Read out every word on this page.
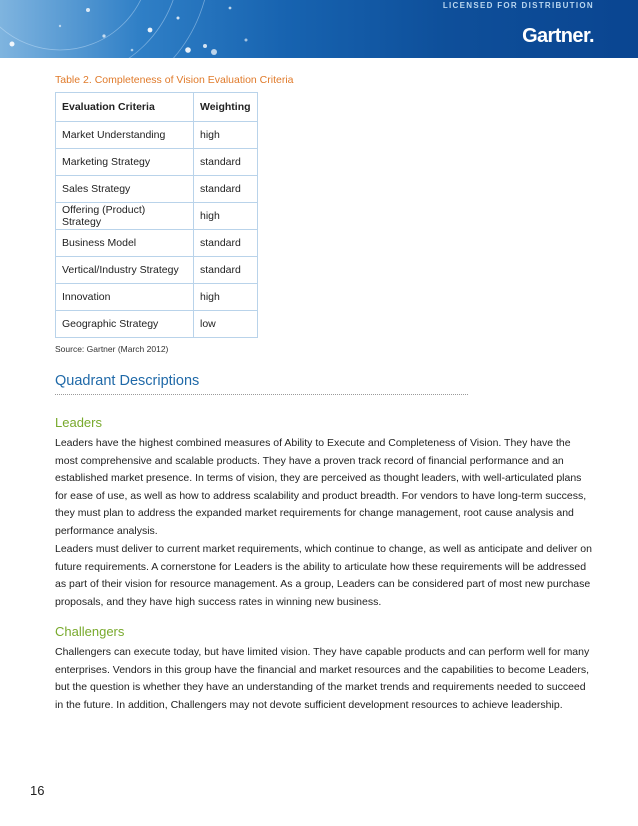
LICENSED FOR DISTRIBUTION
Gartner.
Table 2. Completeness of Vision Evaluation Criteria
Evaluation Criteria	Weighting
Market Understanding	high
Marketing Strategy	standard
Sales Strategy	standard
Offering (Product) Strategy	high
Business Model	standard
Vertical/Industry Strategy	standard
Innovation	high
Geographic Strategy	low
Source: Gartner (March 2012)
Quadrant Descriptions
Leaders

Leaders have the highest combined measures of Ability to Execute and Completeness of Vision. They have the most comprehensive and scalable products. They have a proven track record of financial performance and an established market presence. In terms of vision, they are perceived as thought leaders, with well-articulated plans for ease of use, as well as how to address scalability and product breadth. For vendors to have long-term success, they must plan to address the expanded market requirements for change management, root cause analysis and performance analysis.

Leaders must deliver to current market requirements, which continue to change, as well as anticipate and deliver on future requirements. A cornerstone for Leaders is the ability to articulate how these requirements will be addressed as part of their vision for resource management. As a group, Leaders can be considered part of most new purchase proposals, and they have high success rates in winning new business.

Challengers

Challengers can execute today, but have limited vision. They have capable products and can perform well for many enterprises. Vendors in this group have the financial and market resources and the capabilities to become Leaders, but the question is whether they have an understanding of the market trends and requirements needed to succeed in the future. In addition, Challengers may not devote sufficient development resources to achieve leadership.

16
